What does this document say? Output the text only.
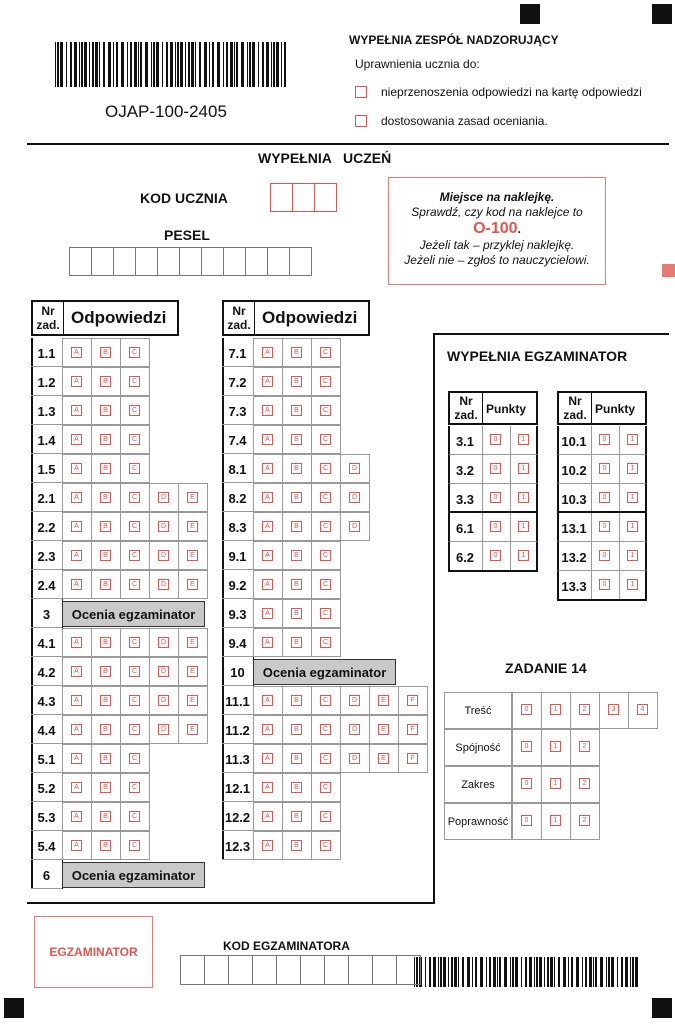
OJAP-100-2405
WYPEŁNIA ZESPÓŁ NADZORUJĄCY
Uprawnienia ucznia do:
nieprzenoszenia odpowiedzi na kartę odpowiedzi
dostosowania zasad oceniania.
WYPEŁNIA   UCZEŃ
KOD UCZNIA
PESEL
Miejsce na naklejkę.
Sprawdź, czy kod na naklejce to
O-100.
Jeżeli tak – przyklej naklejkę.
Jeżeli nie – zgłoś to nauczycielowi.
WYPEŁNIA EGZAMINATOR
ZADANIE 14
EGZAMINATOR	KOD EGZAMINATORA
Nr
zad. Odpowiedzi
1.1	A	B	C
1.2	A	B	C
1.3	A	B	C
1.4	A	B	C
1.5	A	B	C
2.1	A	B	C	D	E
2.2	A	B	C	D	E
2.3	A	B	C	D	E
2.4	A	B	C	D	E
3	Ocenia egzaminator
4.1	A	B	C	D	E
4.2	A	B	C	D	E
4.3	A	B	C	D	E
4.4	A	B	C	D	E
5.1	A	B	C
5.2	A	B	C
5.3	A	B	C
5.4	A	B	C
6	Ocenia egzaminator
Nr
zad. Odpowiedzi
7.1	A	B	C
7.2	A	B	C
7.3	A	B	C
7.4	A	B	C
8.1	A	B	C	D
8.2	A	B	C	D
8.3	A	B	C	D
9.1	A	B	C
9.2	A	B	C
9.3	A	B	C
9.4	A	B	C
10	Ocenia egzaminator
11.1	A	B	C	D	E	F
11.2	A	B	C	D	E	F
11.3	A	B	C	D	E	F
12.1	A	B	C
12.2	A	B	C
12.3	A	B	C
Nr
zad. Punkty
3.1	0	1
3.2	0	1
3.3	0	1
6.1	0	1
6.2	0	1
Nr
zad. Punkty
10.1	0	1
10.2	0	1
10.3	0	1
13.1	0	1
13.2	0	1
13.3	0	1
Treść	0	1	2	3	4
Spójność	0	1	2
Zakres	0	1	2
Poprawność	0	1	2
